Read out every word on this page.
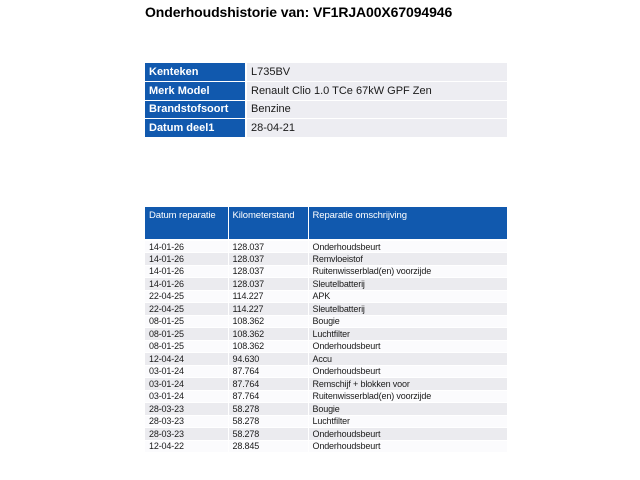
Onderhoudshistorie van: VF1RJA00X67094946
Kenteken	L735BV
Merk Model	Renault Clio 1.0 TCe 67kW GPF Zen
Brandstofsoort	Benzine
Datum deel1	28-04-21
Datum reparatie	Kilometerstand	Reparatie omschrijving
14-01-26	128.037	Onderhoudsbeurt
14-01-26	128.037	Remvloeistof
14-01-26	128.037	Ruitenwisserblad(en) voorzijde
14-01-26	128.037	Sleutelbatterij
22-04-25	114.227	APK
22-04-25	114.227	Sleutelbatterij
08-01-25	108.362	Bougie
08-01-25	108.362	Luchtfilter
08-01-25	108.362	Onderhoudsbeurt
12-04-24	94.630	Accu
03-01-24	87.764	Onderhoudsbeurt
03-01-24	87.764	Remschijf + blokken voor
03-01-24	87.764	Ruitenwisserblad(en) voorzijde
28-03-23	58.278	Bougie
28-03-23	58.278	Luchtfilter
28-03-23	58.278	Onderhoudsbeurt
12-04-22	28.845	Onderhoudsbeurt
